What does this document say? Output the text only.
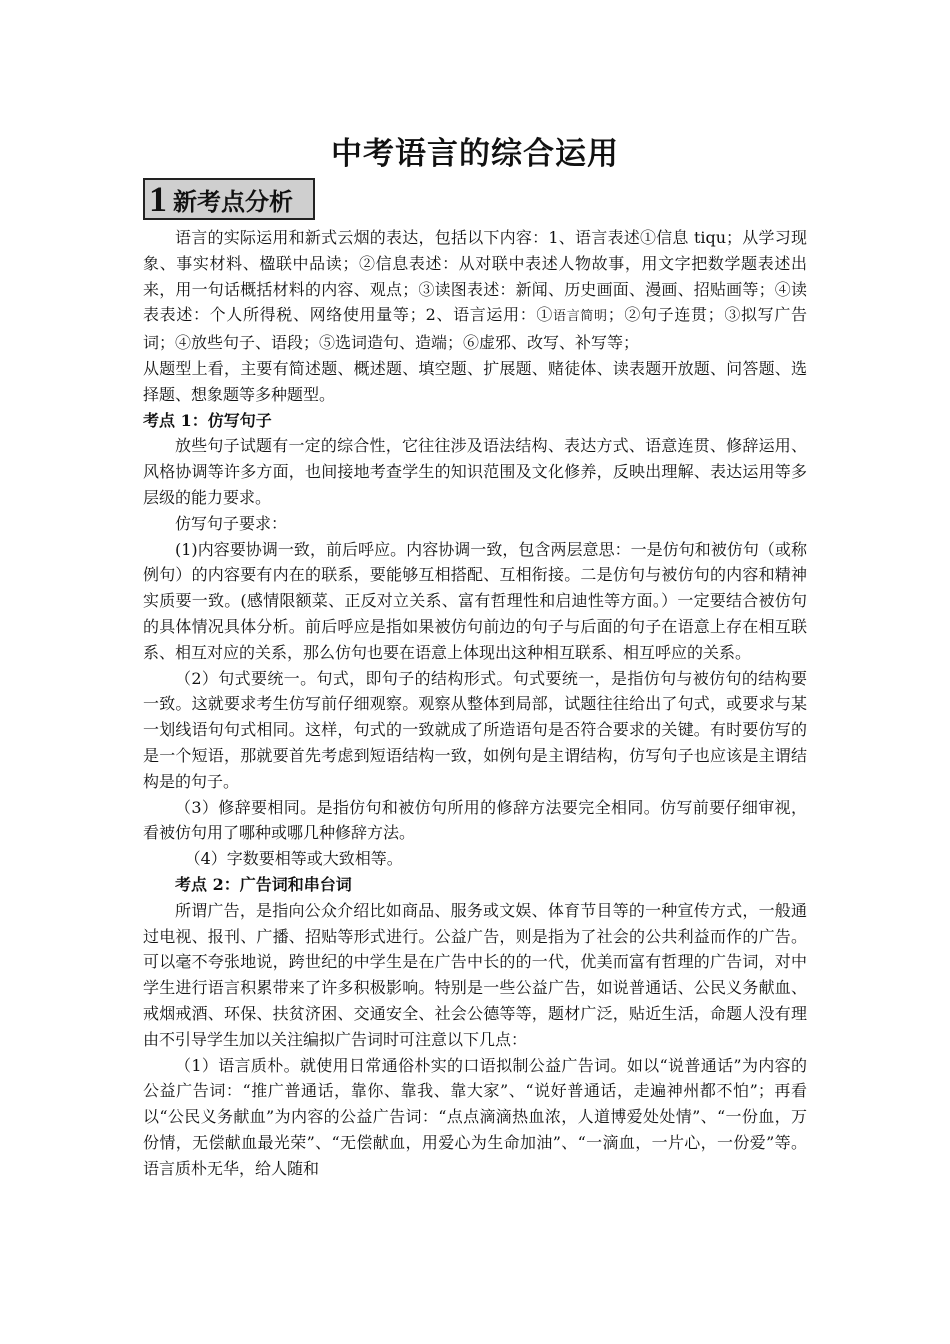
中考语言的综合运用
1 新考点分析

语言的实际运用和新式云烟的表达，包括以下内容：1、语言表述①信息 tiqu；从学习现象、事实材料、楹联中品读；②信息表述：从对联中表述人物故事，用文字把数学题表述出来，用一句话概括材料的内容、观点；③读图表述：新闻、历史画面、漫画、招贴画等；④读表表述：个人所得税、网络使用量等；2、语言运用：①语言简明；②句子连贯；③拟写广告词；④放些句子、语段；⑤选词造句、造端；⑥虚邪、改写、补写等；

从题型上看，主要有简述题、概述题、填空题、扩展题、赌徒体、读表题开放题、问答题、选择题、想象题等多种题型。

考点 1：仿写句子

放些句子试题有一定的综合性，它往往涉及语法结构、表达方式、语意连贯、修辞运用、风格协调等许多方面，也间接地考查学生的知识范围及文化修养，反映出理解、表达运用等多层级的能力要求。

仿写句子要求：

(1)内容要协调一致，前后呼应。内容协调一致，包含两层意思：一是仿句和被仿句（或称例句）的内容要有内在的联系，要能够互相搭配、互相衔接。二是仿句与被仿句的内容和精神实质要一致。(感情限额菜、正反对立关系、富有哲理性和启迪性等方面。）一定要结合被仿句的具体情况具体分析。前后呼应是指如果被仿句前边的句子与后面的句子在语意上存在相互联系、相互对应的关系，那么仿句也要在语意上体现出这种相互联系、相互呼应的关系。

（2）句式要统一。句式，即句子的结构形式。句式要统一，是指仿句与被仿句的结构要一致。这就要求考生仿写前仔细观察。观察从整体到局部，试题往往给出了句式，或要求与某一划线语句句式相同。这样，句式的一致就成了所造语句是否符合要求的关键。有时要仿写的是一个短语，那就要首先考虑到短语结构一致，如例句是主谓结构，仿写句子也应该是主谓结构是的句子。

（3）修辞要相同。是指仿句和被仿句所用的修辞方法要完全相同。仿写前要仔细审视，看被仿句用了哪种或哪几种修辞方法。

（4）字数要相等或大致相等。

考点 2：广告词和串台词

所谓广告，是指向公众介绍比如商品、服务或文娱、体育节目等的一种宣传方式，一般通过电视、报刊、广播、招贴等形式进行。公益广告，则是指为了社会的公共利益而作的广告。可以毫不夸张地说，跨世纪的中学生是在广告中长的的一代，优美而富有哲理的广告词，对中学生进行语言积累带来了许多积极影响。特别是一些公益广告，如说普通话、公民义务献血、戒烟戒酒、环保、扶贫济困、交通安全、社会公德等等，题材广泛，贴近生活，命题人没有理由不引导学生加以关注编拟广告词时可注意以下几点：

（1）语言质朴。就使用日常通俗朴实的口语拟制公益广告词。如以“说普通话”为内容的公益广告词：“推广普通话，靠你、靠我、靠大家”、“说好普通话，走遍神州都不怕”；再看以“公民义务献血”为内容的公益广告词：“点点滴滴热血浓，人道博爱处处情”、“一份血，万份情，无偿献血最光荣”、“无偿献血，用爱心为生命加油”、“一滴血，一片心，一份爱”等。语言质朴无华，给人随和
